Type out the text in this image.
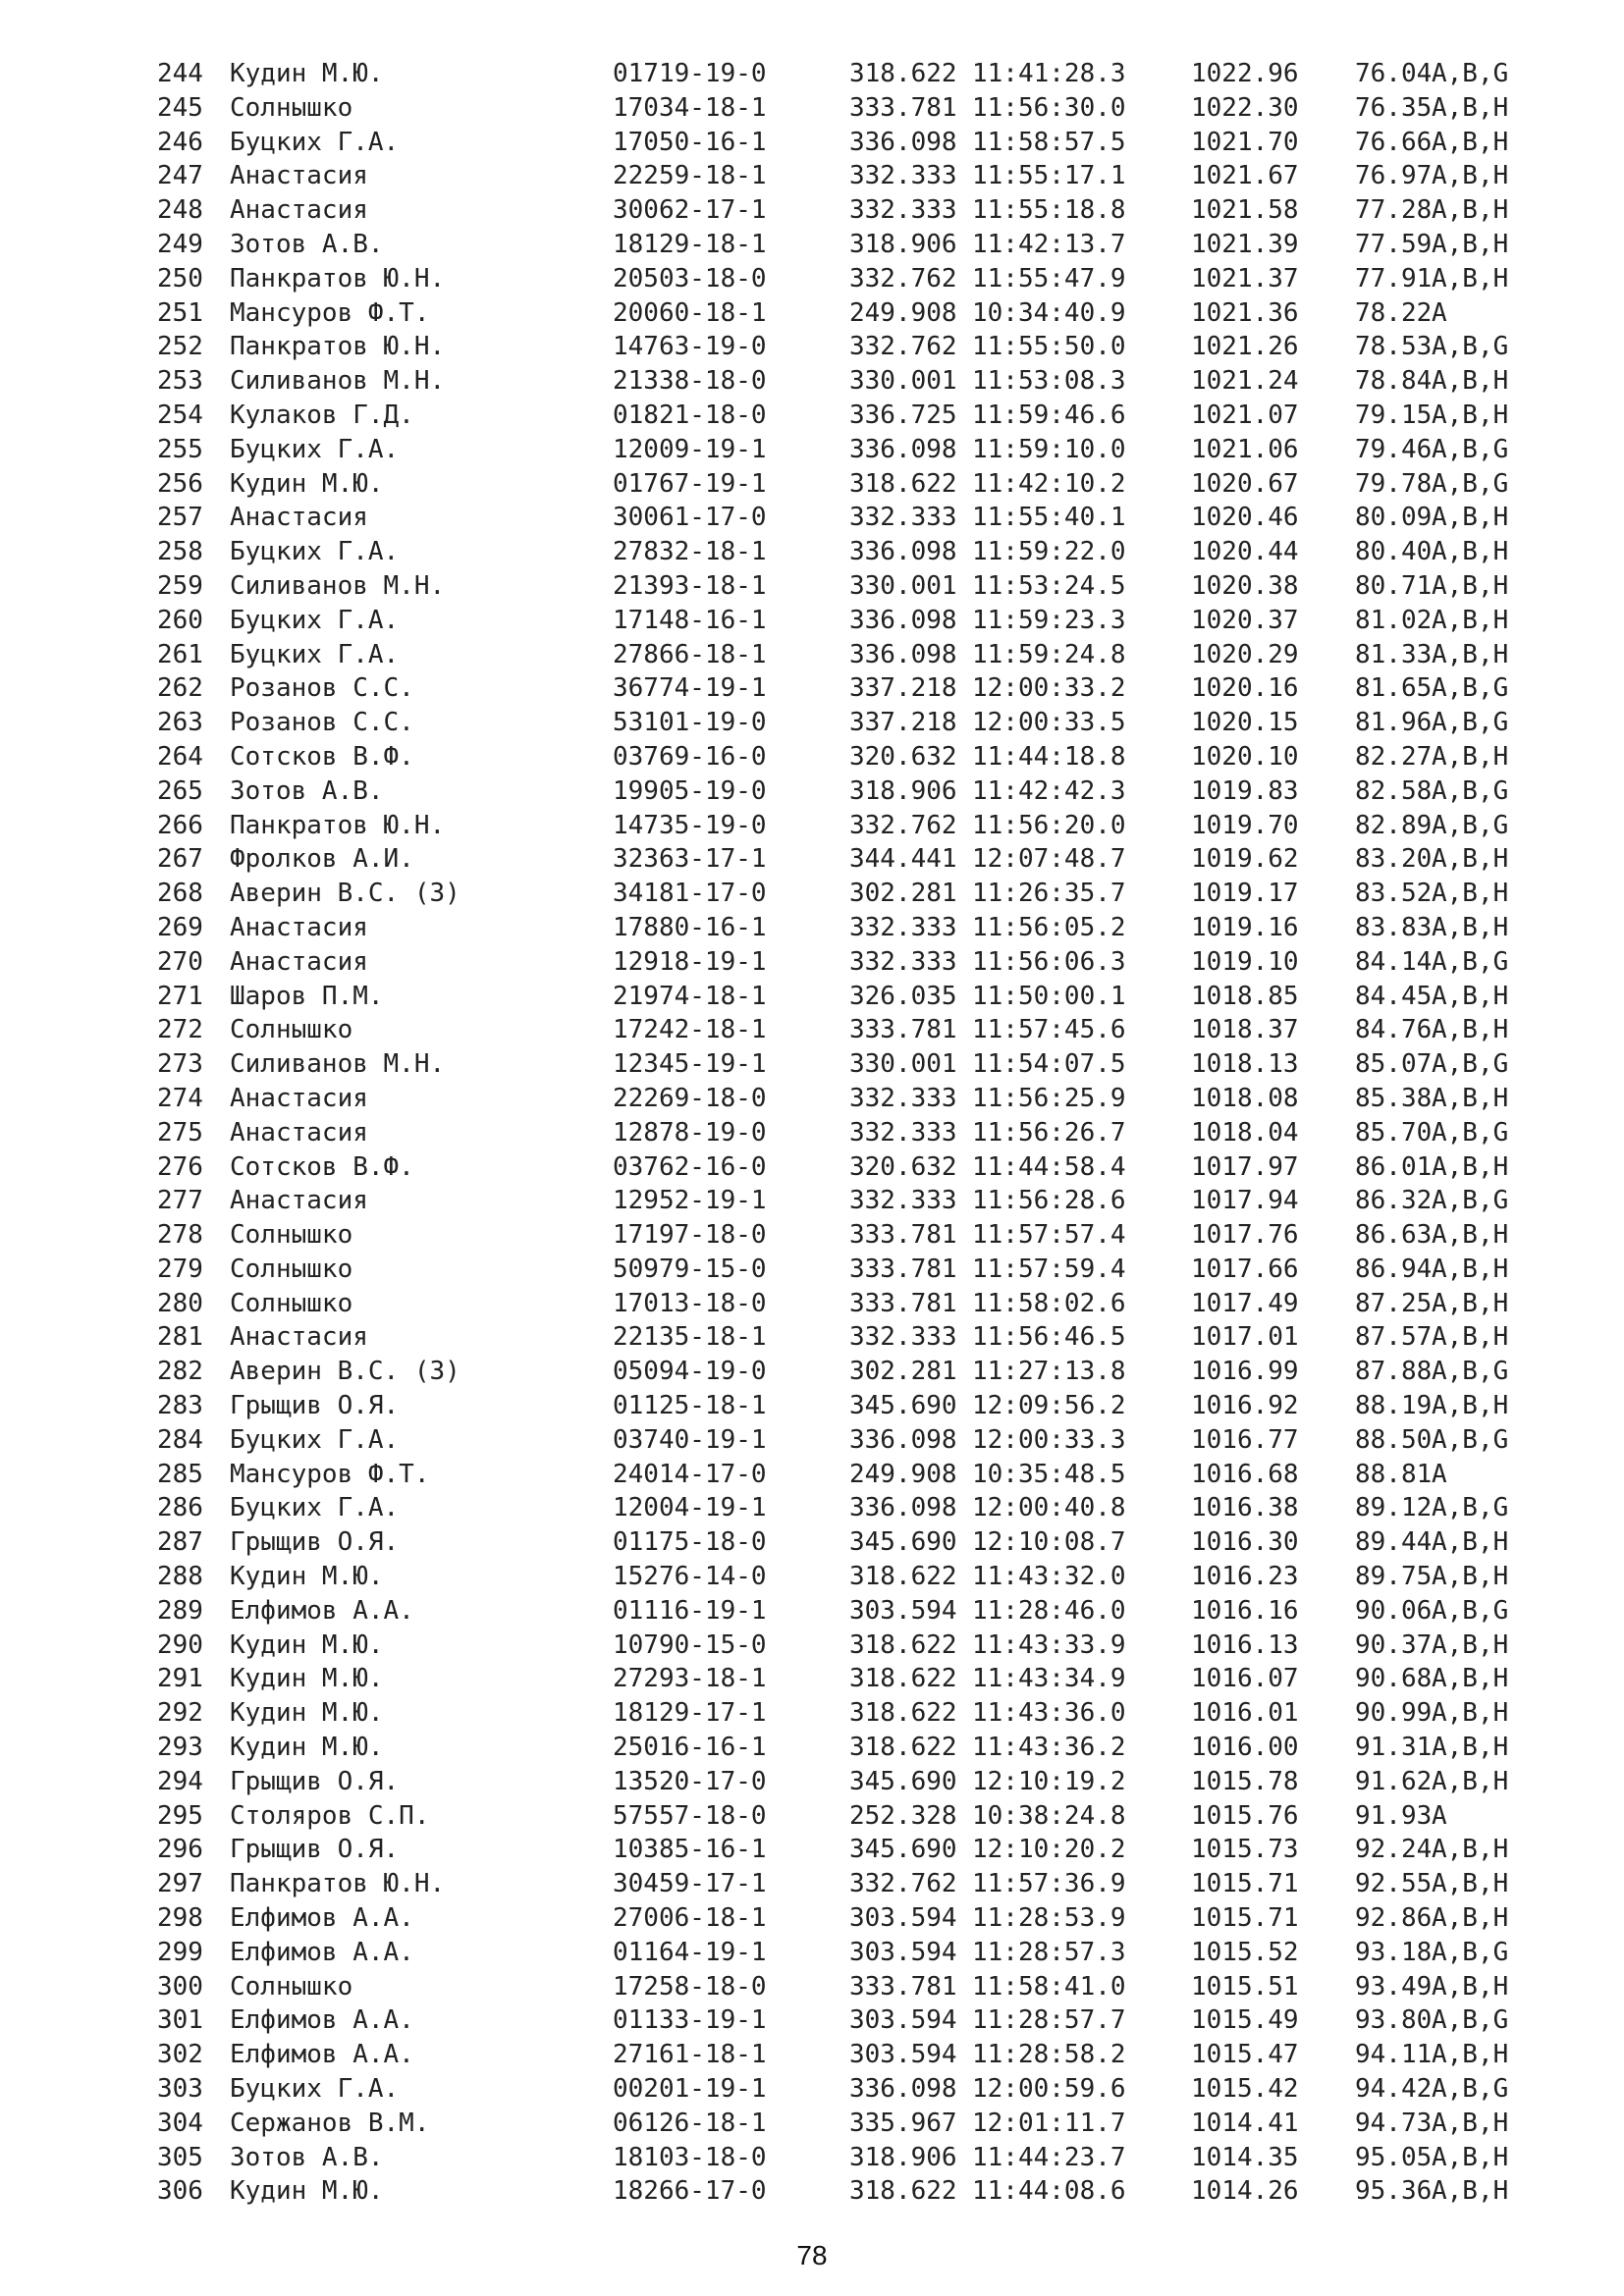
244 Кудин М.Ю.	01719-19-0	318.622 11:41:28.3	1022.96 76.04 A,B,G
245 Солнышко	17034-18-1	333.781 11:56:30.0	1022.30 76.35 A,B,H
246 Буцких Г.А.	17050-16-1	336.098 11:58:57.5	1021.70 76.66 A,B,H
247 Анастасия	22259-18-1	332.333 11:55:17.1	1021.67 76.97 A,B,H
248 Анастасия	30062-17-1	332.333 11:55:18.8	1021.58 77.28 A,B,H
249 Зотов А.В.	18129-18-1	318.906 11:42:13.7	1021.39 77.59 A,B,H
250 Панкратов Ю.Н.	20503-18-0	332.762 11:55:47.9	1021.37 77.91 A,B,H
251 Мансуров Ф.Т.	20060-18-1	249.908 10:34:40.9	1021.36 78.22 A
252 Панкратов Ю.Н.	14763-19-0	332.762 11:55:50.0	1021.26 78.53 A,B,G
253 Силиванов М.Н.	21338-18-0	330.001 11:53:08.3	1021.24 78.84 A,B,H
254 Кулаков Г.Д.	01821-18-0	336.725 11:59:46.6	1021.07 79.15 A,B,H
255 Буцких Г.А.	12009-19-1	336.098 11:59:10.0	1021.06 79.46 A,B,G
256 Кудин М.Ю.	01767-19-1	318.622 11:42:10.2	1020.67 79.78 A,B,G
257 Анастасия	30061-17-0	332.333 11:55:40.1	1020.46 80.09 A,B,H
258 Буцких Г.А.	27832-18-1	336.098 11:59:22.0	1020.44 80.40 A,B,H
259 Силиванов М.Н.	21393-18-1	330.001 11:53:24.5	1020.38 80.71 A,B,H
260 Буцких Г.А.	17148-16-1	336.098 11:59:23.3	1020.37 81.02 A,B,H
261 Буцких Г.А.	27866-18-1	336.098 11:59:24.8	1020.29 81.33 A,B,H
262 Розанов С.С.	36774-19-1	337.218 12:00:33.2	1020.16 81.65 A,B,G
263 Розанов С.С.	53101-19-0	337.218 12:00:33.5	1020.15 81.96 A,B,G
264 Сотсков В.Ф.	03769-16-0	320.632 11:44:18.8	1020.10 82.27 A,B,H
265 Зотов А.В.	19905-19-0	318.906 11:42:42.3	1019.83 82.58 A,B,G
266 Панкратов Ю.Н.	14735-19-0	332.762 11:56:20.0	1019.70 82.89 A,B,G
267 Фролков А.И.	32363-17-1	344.441 12:07:48.7	1019.62 83.20 A,B,H
268 Аверин В.С. (З)	34181-17-0	302.281 11:26:35.7	1019.17 83.52 A,B,H
269 Анастасия	17880-16-1	332.333 11:56:05.2	1019.16 83.83 A,B,H
270 Анастасия	12918-19-1	332.333 11:56:06.3	1019.10 84.14 A,B,G
271 Шаров П.М.	21974-18-1	326.035 11:50:00.1	1018.85 84.45 A,B,H
272 Солнышко	17242-18-1	333.781 11:57:45.6	1018.37 84.76 A,B,H
273 Силиванов М.Н.	12345-19-1	330.001 11:54:07.5	1018.13 85.07 A,B,G
274 Анастасия	22269-18-0	332.333 11:56:25.9	1018.08 85.38 A,B,H
275 Анастасия	12878-19-0	332.333 11:56:26.7	1018.04 85.70 A,B,G
276 Сотсков В.Ф.	03762-16-0	320.632 11:44:58.4	1017.97 86.01 A,B,H
277 Анастасия	12952-19-1	332.333 11:56:28.6	1017.94 86.32 A,B,G
278 Солнышко	17197-18-0	333.781 11:57:57.4	1017.76 86.63 A,B,H
279 Солнышко	50979-15-0	333.781 11:57:59.4	1017.66 86.94 A,B,H
280 Солнышко	17013-18-0	333.781 11:58:02.6	1017.49 87.25 A,B,H
281 Анастасия	22135-18-1	332.333 11:56:46.5	1017.01 87.57 A,B,H
282 Аверин В.С. (З)	05094-19-0	302.281 11:27:13.8	1016.99 87.88 A,B,G
283 Грыщив О.Я.	01125-18-1	345.690 12:09:56.2	1016.92 88.19 A,B,H
284 Буцких Г.А.	03740-19-1	336.098 12:00:33.3	1016.77 88.50 A,B,G
285 Мансуров Ф.Т.	24014-17-0	249.908 10:35:48.5	1016.68 88.81 A
286 Буцких Г.А.	12004-19-1	336.098 12:00:40.8	1016.38 89.12 A,B,G
287 Грыщив О.Я.	01175-18-0	345.690 12:10:08.7	1016.30 89.44 A,B,H
288 Кудин М.Ю.	15276-14-0	318.622 11:43:32.0	1016.23 89.75 A,B,H
289 Елфимов А.А.	01116-19-1	303.594 11:28:46.0	1016.16 90.06 A,B,G
290 Кудин М.Ю.	10790-15-0	318.622 11:43:33.9	1016.13 90.37 A,B,H
291 Кудин М.Ю.	27293-18-1	318.622 11:43:34.9	1016.07 90.68 A,B,H
292 Кудин М.Ю.	18129-17-1	318.622 11:43:36.0	1016.01 90.99 A,B,H
293 Кудин М.Ю.	25016-16-1	318.622 11:43:36.2	1016.00 91.31 A,B,H
294 Грыщив О.Я.	13520-17-0	345.690 12:10:19.2	1015.78 91.62 A,B,H
295 Столяров С.П.	57557-18-0	252.328 10:38:24.8	1015.76 91.93 A
296 Грыщив О.Я.	10385-16-1	345.690 12:10:20.2	1015.73 92.24 A,B,H
297 Панкратов Ю.Н.	30459-17-1	332.762 11:57:36.9	1015.71 92.55 A,B,H
298 Елфимов А.А.	27006-18-1	303.594 11:28:53.9	1015.71 92.86 A,B,H
299 Елфимов А.А.	01164-19-1	303.594 11:28:57.3	1015.52 93.18 A,B,G
300 Солнышко	17258-18-0	333.781 11:58:41.0	1015.51 93.49 A,B,H
301 Елфимов А.А.	01133-19-1	303.594 11:28:57.7	1015.49 93.80 A,B,G
302 Елфимов А.А.	27161-18-1	303.594 11:28:58.2	1015.47 94.11 A,B,H
303 Буцких Г.А.	00201-19-1	336.098 12:00:59.6	1015.42 94.42 A,B,G
304 Сержанов В.М.	06126-18-1	335.967 12:01:11.7	1014.41 94.73 A,B,H
305 Зотов А.В.	18103-18-0	318.906 11:44:23.7	1014.35 95.05 A,B,H
306 Кудин М.Ю.	18266-17-0	318.622 11:44:08.6	1014.26 95.36 A,B,H
78
